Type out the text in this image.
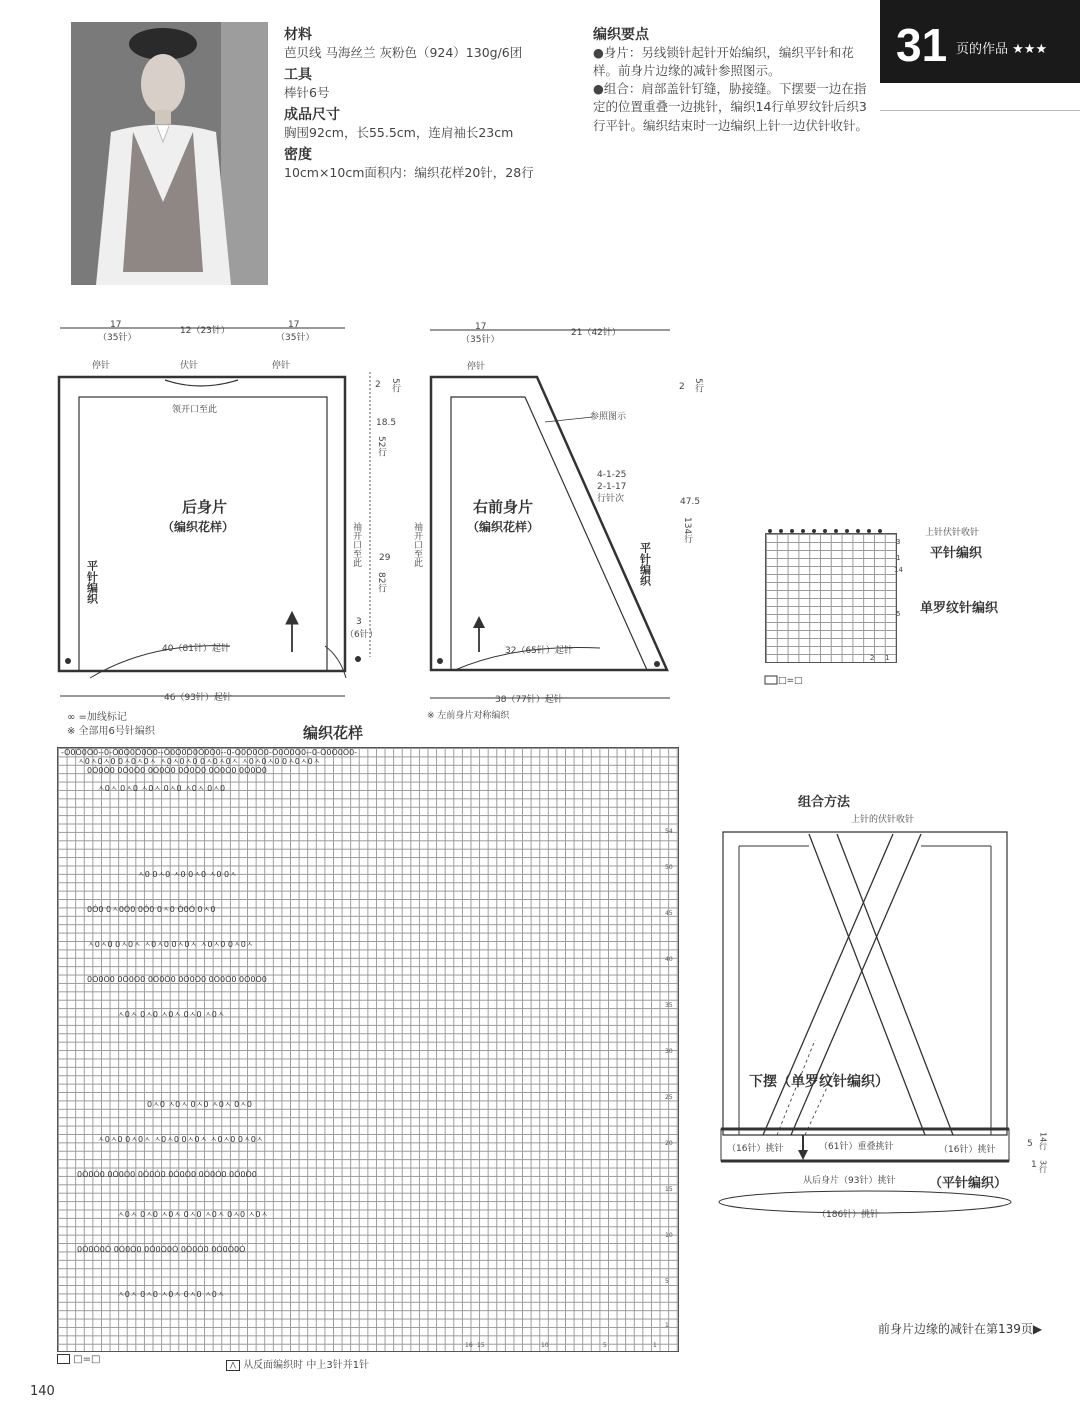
材料
芭贝线 马海丝兰 灰粉色（924）130g/6团
工具
棒针6号
成品尺寸
胸围92cm，长55.5cm，连肩袖长23cm
密度
10cm×10cm面积内：编织花样20针，28行
编织要点
●身片：另线锁针起针开始编织，编织平针和花样。前身片边缘的减针参照图示。
●组合：肩部盖针钉缝，胁接缝。下摆要一边在指定的位置重叠一边挑针，编织14行单罗纹针后织3行平针。编织结束时一边编织上针一边伏针收针。
31 页的作品 ★★★
17
（35针）
12（23针）
17
（35针）
停针	伏针	停针
领开口至此
后身片
（编织花样）
平针编织
袖开口至此
40（81针）起针
46（93针）起针
2 5行
18.5
52行
29
82行
3
（6针）
∞ =加线标记
※ 全部用6号针编织
17
（35针）
21（42针）
停针
参照图示
4-1-25
2-1-17
行针次
右前身片
（编织花样）
袖开口至此	平针编织
32（65针）起针
38（77针）起针
※ 左前身片对称编织
2 5行
47.5
134行
□=□
上针伏针收针
平针编织
单罗纹针编织
3
1
14
5
2 1
编织花样
-Ó0Ó0Ó0--0-Ó0Ó0Ó0Ó0--Ó0Ó0Ó0Ó0Ó0--0-Ó0Ó0Ó0-Ó0Ó0Ó0--0-Ó0Ó0Ó0-
ㅅ0ㅅ0ㅅ0 0ㅅ0ㅅ0ㅅ ㅅ0ㅅ0ㅅ0 0ㅅ0ㅅ0ㅅ ㅅ0ㅅ0ㅅ0 0ㅅ0ㅅ0ㅅ
0Ó0Ó0 0Ó0Ó0 0Ó0Ó0 0Ó0Ó0 0Ó0Ó0 0Ó0Ó0
ㅅ0ㅅ 0ㅅ0 ㅅ0ㅅ 0ㅅ0 ㅅ0ㅅ 0ㅅ0
ㅅ0 0ㅅ0 ㅅ0 0ㅅ0 ㅅ0 0ㅅ
0Ó0 0ㅅ0Ó0 0Ó0 0ㅅ0 Ó0Ó 0ㅅ0
ㅅ0ㅅ0 0ㅅ0ㅅ ㅅ0ㅅ0 0ㅅ0ㅅ ㅅ0ㅅ0 0ㅅ0ㅅ
0Ó0Ó0 0Ó0Ó0 0Ó0Ó0 0Ó0Ó0 0Ó0Ó0 0Ó0Ó0
ㅅ0ㅅ 0ㅅ0 ㅅ0ㅅ 0ㅅ0 ㅅ0ㅅ
0ㅅ0 ㅅ0ㅅ 0ㅅ0 ㅅ0ㅅ 0ㅅ0
ㅅ0ㅅ0 0ㅅ0ㅅ ㅅ0ㅅ0 0ㅅ0ㅅ ㅅ0ㅅ0 0ㅅ0ㅅ
0Ó0Ó0 0Ó0Ó0 0Ó0Ó0 0Ó0Ó0 0Ó0Ó0 0Ó0Ó0
ㅅ0ㅅ 0ㅅ0 ㅅ0ㅅ 0ㅅ0 ㅅ0ㅅ 0ㅅ0 ㅅ0ㅅ
0Ó0Ó0Ó 0Ó0Ó0 0Ó0Ó0Ó 0Ó0Ó0 0Ó0Ó0Ó
ㅅ0ㅅ 0ㅅ0 ㅅ0ㅅ 0ㅅ0 ㅅ0ㅅ
54
50
45
40
35
30
25
20
15
10
5
1
16 15	10	5	1
□=□	⋀ 从反面编织时 中上3针并1针
组合方法
上针的伏针收针
下摆（单罗纹针编织）
（16针）挑针	（61针）重叠挑针	（16针）挑针
从后身片（93针）挑针	（平针编织）
（186针）挑针
5 14行
1 3行
前身片边缘的减针在第139页▶
140
